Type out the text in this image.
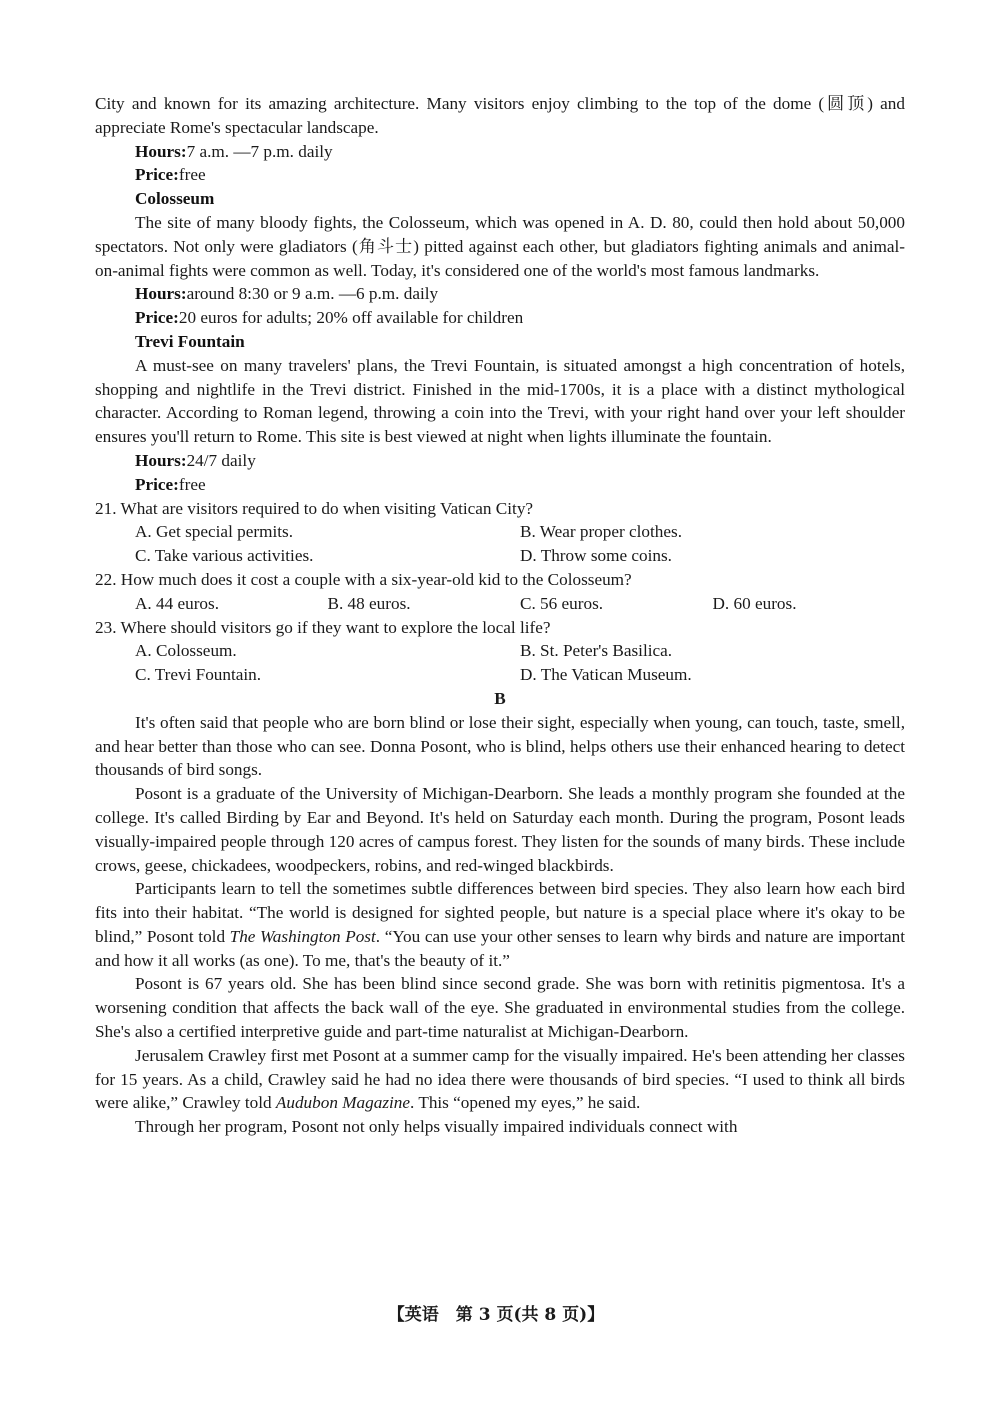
City and known for its amazing architecture. Many visitors enjoy climbing to the top of the dome (圆顶) and appreciate Rome's spectacular landscape.

Hours:7 a.m. —7 p.m. daily

Price:free

Colosseum

The site of many bloody fights, the Colosseum, which was opened in A. D. 80, could then hold about 50,000 spectators. Not only were gladiators (角斗士) pitted against each other, but gladiators fighting animals and animal-on-animal fights were common as well. Today, it's considered one of the world's most famous landmarks.

Hours:around 8:30 or 9 a.m. —6 p.m. daily

Price:20 euros for adults; 20% off available for children

Trevi Fountain

A must-see on many travelers' plans, the Trevi Fountain, is situated amongst a high concentration of hotels, shopping and nightlife in the Trevi district. Finished in the mid-1700s, it is a place with a distinct mythological character. According to Roman legend, throwing a coin into the Trevi, with your right hand over your left shoulder ensures you'll return to Rome. This site is best viewed at night when lights illuminate the fountain.

Hours:24/7 daily

Price:free

21. What are visitors required to do when visiting Vatican City?

A. Get special permits.	B. Wear proper clothes.
C. Take various activities.	D. Throw some coins.

22. How much does it cost a couple with a six-year-old kid to the Colosseum?

A. 44 euros.	B. 48 euros.	C. 56 euros.	D. 60 euros.

23. Where should visitors go if they want to explore the local life?

A. Colosseum.	B. St. Peter's Basilica.
C. Trevi Fountain.	D. The Vatican Museum.

B

It's often said that people who are born blind or lose their sight, especially when young, can touch, taste, smell, and hear better than those who can see. Donna Posont, who is blind, helps others use their enhanced hearing to detect thousands of bird songs.

Posont is a graduate of the University of Michigan-Dearborn. She leads a monthly program she founded at the college. It's called Birding by Ear and Beyond. It's held on Saturday each month. During the program, Posont leads visually-impaired people through 120 acres of campus forest. They listen for the sounds of many birds. These include crows, geese, chickadees, woodpeckers, robins, and red-winged blackbirds.

Participants learn to tell the sometimes subtle differences between bird species. They also learn how each bird fits into their habitat. “The world is designed for sighted people, but nature is a special place where it's okay to be blind,” Posont told The Washington Post. “You can use your other senses to learn why birds and nature are important and how it all works (as one). To me, that's the beauty of it.”

Posont is 67 years old. She has been blind since second grade. She was born with retinitis pigmentosa. It's a worsening condition that affects the back wall of the eye. She graduated in environmental studies from the college. She's also a certified interpretive guide and part-time naturalist at Michigan-Dearborn.

Jerusalem Crawley first met Posont at a summer camp for the visually impaired. He's been attending her classes for 15 years. As a child, Crawley said he had no idea there were thousands of bird species. “I used to think all birds were alike,” Crawley told Audubon Magazine. This “opened my eyes,” he said.

Through her program, Posont not only helps visually impaired individuals connect with

【英语　第 3 页(共 8 页)】
